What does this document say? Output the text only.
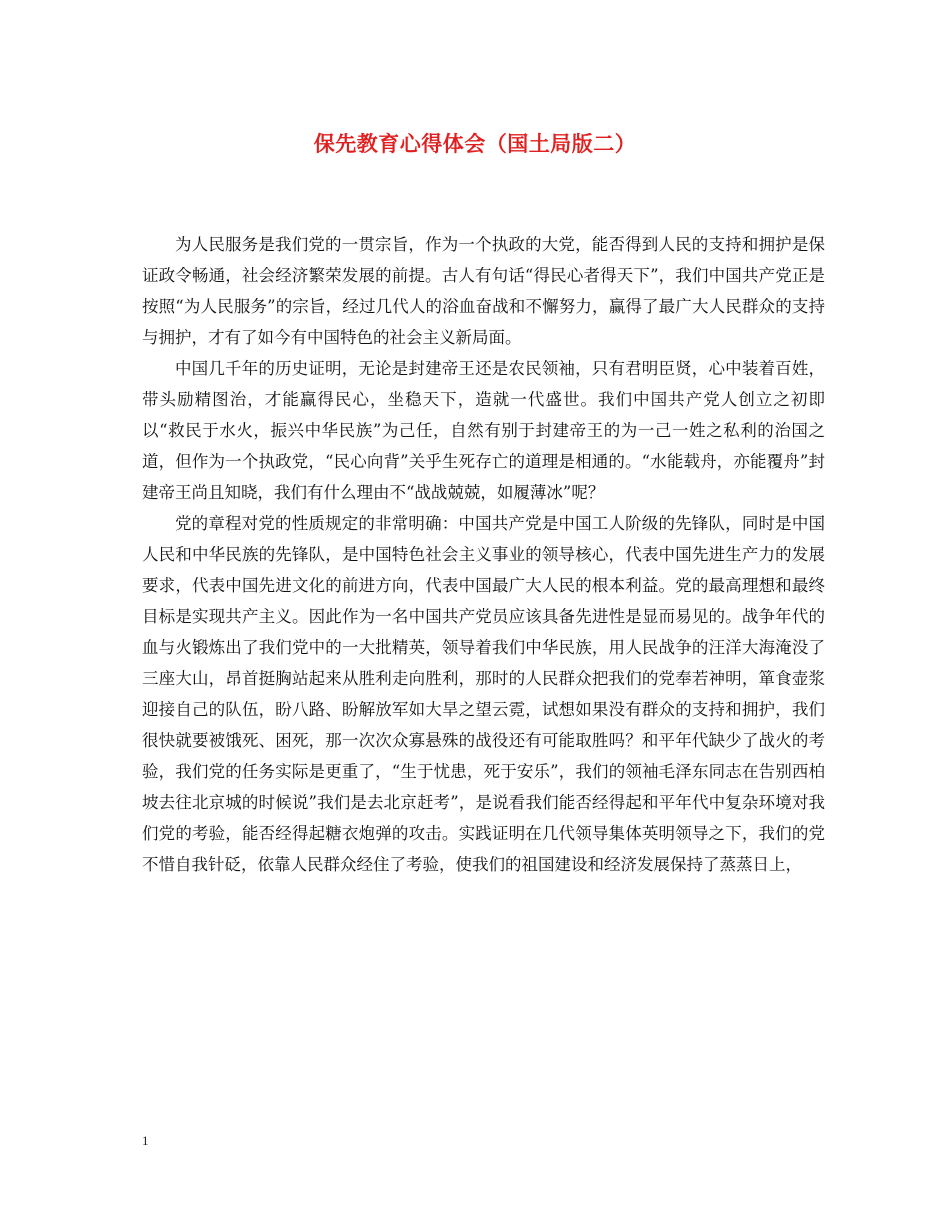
保先教育心得体会（国土局版二）

为人民服务是我们党的一贯宗旨，作为一个执政的大党，能否得到人民的支持和拥护是保证政令畅通，社会经济繁荣发展的前提。古人有句话“得民心者得天下”，我们中国共产党正是按照“为人民服务”的宗旨，经过几代人的浴血奋战和不懈努力，赢得了最广大人民群众的支持与拥护，才有了如今有中国特色的社会主义新局面。

中国几千年的历史证明，无论是封建帝王还是农民领袖，只有君明臣贤，心中装着百姓，带头励精图治，才能赢得民心，坐稳天下，造就一代盛世。我们中国共产党人创立之初即以“救民于水火，振兴中华民族”为己任，自然有别于封建帝王的为一己一姓之私利的治国之道，但作为一个执政党，“民心向背”关乎生死存亡的道理是相通的。“水能载舟，亦能覆舟”封建帝王尚且知晓，我们有什么理由不“战战兢兢，如履薄冰”呢？

党的章程对党的性质规定的非常明确：中国共产党是中国工人阶级的先锋队，同时是中国人民和中华民族的先锋队，是中国特色社会主义事业的领导核心，代表中国先进生产力的发展要求，代表中国先进文化的前进方向，代表中国最广大人民的根本利益。党的最高理想和最终目标是实现共产主义。因此作为一名中国共产党员应该具备先进性是显而易见的。战争年代的血与火锻炼出了我们党中的一大批精英，领导着我们中华民族，用人民战争的汪洋大海淹没了三座大山，昂首挺胸站起来从胜利走向胜利，那时的人民群众把我们的党奉若神明，箪食壶浆迎接自己的队伍，盼八路、盼解放军如大旱之望云霓，试想如果没有群众的支持和拥护，我们很快就要被饿死、困死，那一次次众寡悬殊的战役还有可能取胜吗？和平年代缺少了战火的考验，我们党的任务实际是更重了，“生于忧患，死于安乐”，我们的领袖毛泽东同志在告别西柏坡去往北京城的时候说”我们是去北京赶考”，是说看我们能否经得起和平年代中复杂环境对我们党的考验，能否经得起糖衣炮弹的攻击。实践证明在几代领导集体英明领导之下，我们的党不惜自我针砭，依靠人民群众经住了考验，使我们的祖国建设和经济发展保持了蒸蒸日上，

1
